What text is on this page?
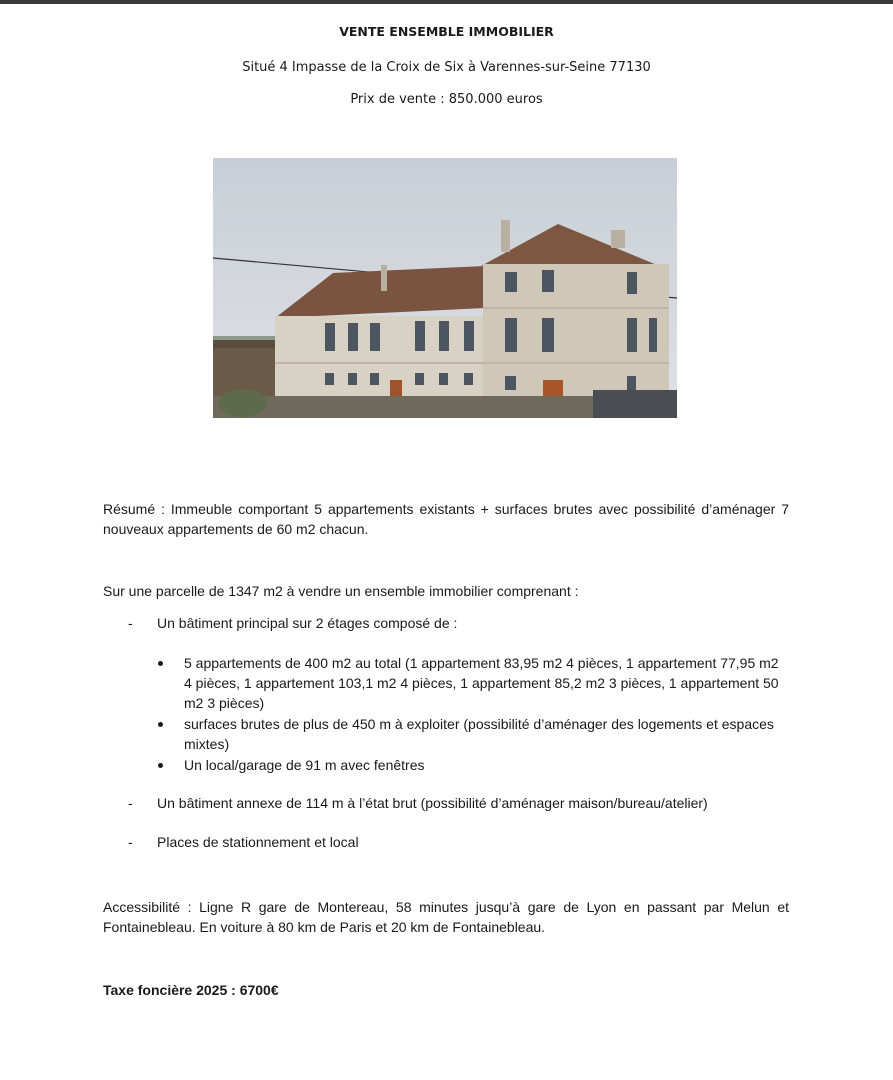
VENTE ENSEMBLE IMMOBILIER
Situé 4 Impasse de la Croix de Six à Varennes-sur-Seine 77130
Prix de vente : 850.000 euros
Résumé : Immeuble comportant 5 appartements existants + surfaces brutes avec possibilité d’aménager 7 nouveaux appartements de 60 m2 chacun.
Sur une parcelle de 1347 m2 à vendre un ensemble immobilier comprenant :
-	Un bâtiment principal sur 2 étages composé de :
5 appartements de 400 m2 au total (1 appartement 83,95 m2 4 pièces, 1 appartement 77,95 m2 4 pièces, 1 appartement 103,1 m2 4 pièces, 1 appartement 85,2 m2 3 pièces, 1 appartement 50 m2 3 pièces)
surfaces brutes de plus de 450 m à exploiter (possibilité d’aménager des logements et espaces mixtes)
Un local/garage de 91 m avec fenêtres
-	Un bâtiment annexe de 114 m à l’état brut (possibilité d’aménager maison/bureau/atelier)
-	Places de stationnement et local
Accessibilité : Ligne R gare de Montereau, 58 minutes jusqu’à gare de Lyon en passant par Melun et Fontainebleau. En voiture à 80 km de Paris et 20 km de Fontainebleau.
Taxe foncière 2025 : 6700€
